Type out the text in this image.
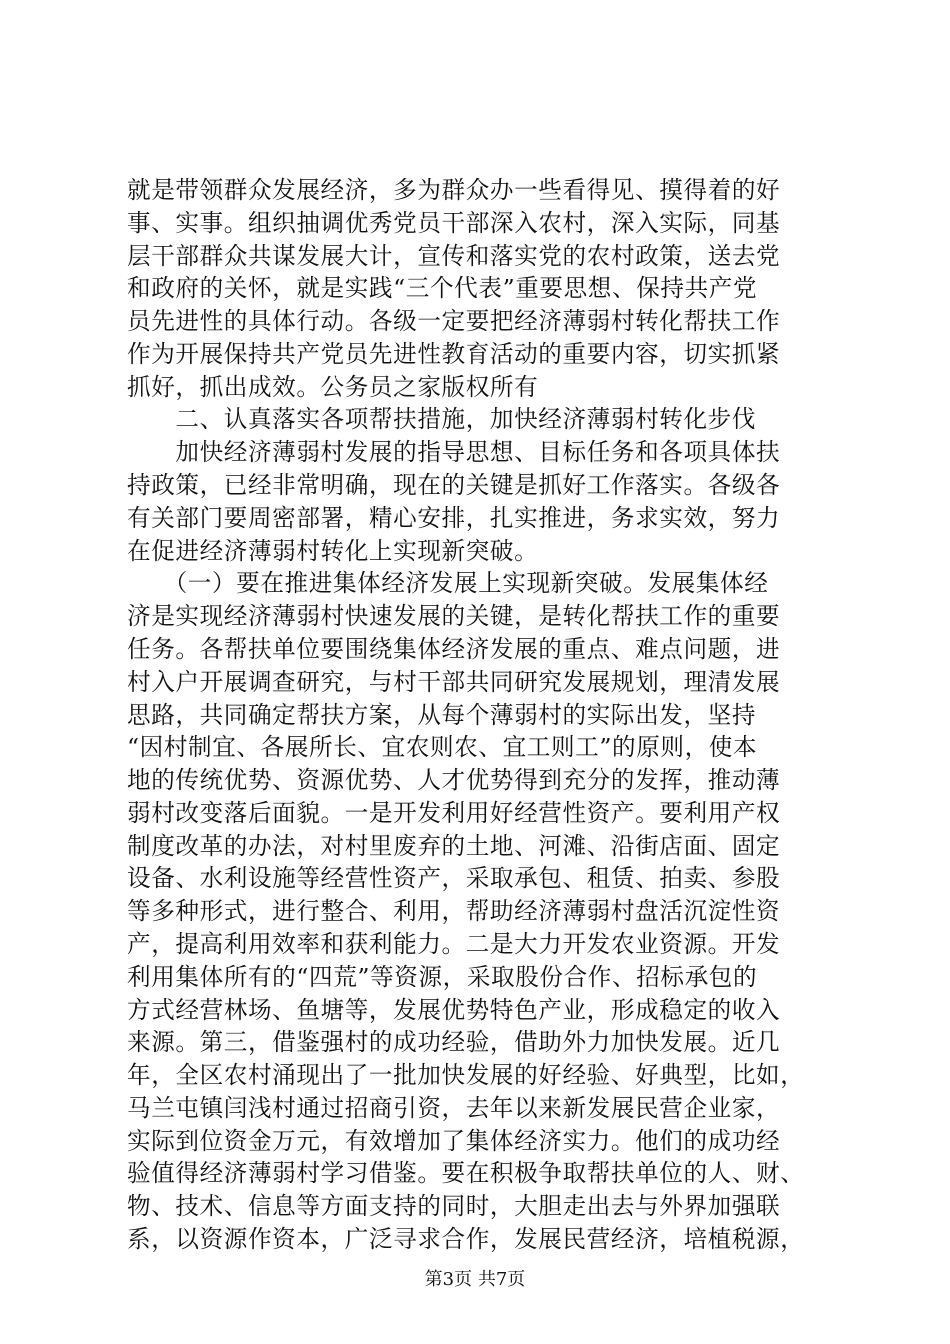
就是带领群众发展经济，多为群众办一些看得见、摸得着的好
事、实事。组织抽调优秀党员干部深入农村，深入实际，同基
层干部群众共谋发展大计，宣传和落实党的农村政策，送去党
和政府的关怀，就是实践“三个代表”重要思想、保持共产党
员先进性的具体行动。各级一定要把经济薄弱村转化帮扶工作
作为开展保持共产党员先进性教育活动的重要内容，切实抓紧
抓好，抓出成效。公务员之家版权所有
　　二、认真落实各项帮扶措施，加快经济薄弱村转化步伐
　　加快经济薄弱村发展的指导思想、目标任务和各项具体扶
持政策，已经非常明确，现在的关键是抓好工作落实。各级各
有关部门要周密部署，精心安排，扎实推进，务求实效，努力
在促进经济薄弱村转化上实现新突破。
　　（一）要在推进集体经济发展上实现新突破。发展集体经
济是实现经济薄弱村快速发展的关键，是转化帮扶工作的重要
任务。各帮扶单位要围绕集体经济发展的重点、难点问题，进
村入户开展调查研究，与村干部共同研究发展规划，理清发展
思路，共同确定帮扶方案，从每个薄弱村的实际出发，坚持
“因村制宜、各展所长、宜农则农、宜工则工”的原则，使本
地的传统优势、资源优势、人才优势得到充分的发挥，推动薄
弱村改变落后面貌。一是开发利用好经营性资产。要利用产权
制度改革的办法，对村里废弃的土地、河滩、沿街店面、固定
设备、水利设施等经营性资产，采取承包、租赁、拍卖、参股
等多种形式，进行整合、利用，帮助经济薄弱村盘活沉淀性资
产，提高利用效率和获利能力。二是大力开发农业资源。开发
利用集体所有的“四荒”等资源，采取股份合作、招标承包的
方式经营林场、鱼塘等，发展优势特色产业，形成稳定的收入
来源。第三，借鉴强村的成功经验，借助外力加快发展。近几
年，全区农村涌现出了一批加快发展的好经验、好典型，比如，
马兰屯镇闫浅村通过招商引资，去年以来新发展民营企业家，
实际到位资金万元，有效增加了集体经济实力。他们的成功经
验值得经济薄弱村学习借鉴。要在积极争取帮扶单位的人、财、
物、技术、信息等方面支持的同时，大胆走出去与外界加强联
系，以资源作资本，广泛寻求合作，发展民营经济，培植税源，
第3页 共7页
